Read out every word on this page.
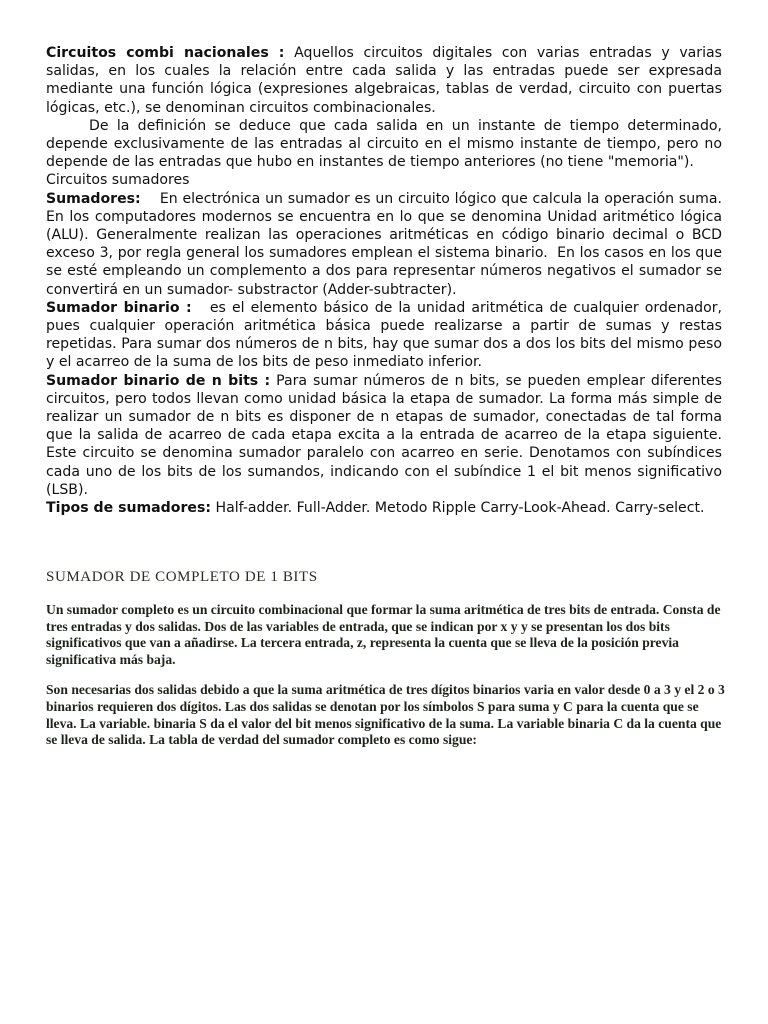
Circuitos combi nacionales : Aquellos circuitos digitales con varias entradas y varias salidas, en los cuales la relación entre cada salida y las entradas puede ser expresada mediante una función lógica (expresiones algebraicas, tablas de verdad, circuito con puertas lógicas, etc.), se denominan circuitos combinacionales.

De la definición se deduce que cada salida en un instante de tiempo determinado, depende exclusivamente de las entradas al circuito en el mismo instante de tiempo, pero no depende de las entradas que hubo en instantes de tiempo anteriores (no tiene "memoria").

Circuitos sumadores

Sumadores:    En electrónica un sumador es un circuito lógico que calcula la operación suma. En los computadores modernos se encuentra en lo que se denomina Unidad aritmético lógica (ALU). Generalmente realizan las operaciones aritméticas en código binario decimal o BCD exceso 3, por regla general los sumadores emplean el sistema binario.  En los casos en los que se esté empleando un complemento a dos para representar números negativos el sumador se convertirá en un sumador- substractor (Adder-subtracter).

Sumador binario :   es el elemento básico de la unidad aritmética de cualquier ordenador, pues cualquier operación aritmética básica puede realizarse a partir de sumas y restas repetidas. Para sumar dos números de n bits, hay que sumar dos a dos los bits del mismo peso y el acarreo de la suma de los bits de peso inmediato inferior.

Sumador binario de n bits : Para sumar números de n bits, se pueden emplear diferentes circuitos, pero todos llevan como unidad básica la etapa de sumador. La forma más simple de realizar un sumador de n bits es disponer de n etapas de sumador, conectadas de tal forma que la salida de acarreo de cada etapa excita a la entrada de acarreo de la etapa siguiente. Este circuito se denomina sumador paralelo con acarreo en serie. Denotamos con subíndices cada uno de los bits de los sumandos, indicando con el subíndice 1 el bit menos significativo (LSB).

Tipos de sumadores: Half-adder. Full-Adder. Metodo Ripple Carry-Look-Ahead. Carry-select.

SUMADOR DE COMPLETO DE 1 BITS

Un sumador completo es un circuito combinacional que formar la suma aritmética de tres bits de entrada. Consta de tres entradas y dos salidas. Dos de las variables de entrada, que se indican por x y y se presentan los dos bits significativos que van a añadirse. La tercera entrada, z, representa la cuenta que se lleva de la posición previa significativa más baja.

Son necesarias dos salidas debido a que la suma aritmética de tres dígitos binarios varia en valor desde 0 a 3 y el 2 o 3 binarios requieren dos dígitos. Las dos salidas se denotan por los símbolos S para suma y C para la cuenta que se lleva. La variable. binaria S da el valor del bit menos significativo de la suma. La variable binaria C da la cuenta que se lleva de salida. La tabla de verdad del sumador completo es como sigue:
